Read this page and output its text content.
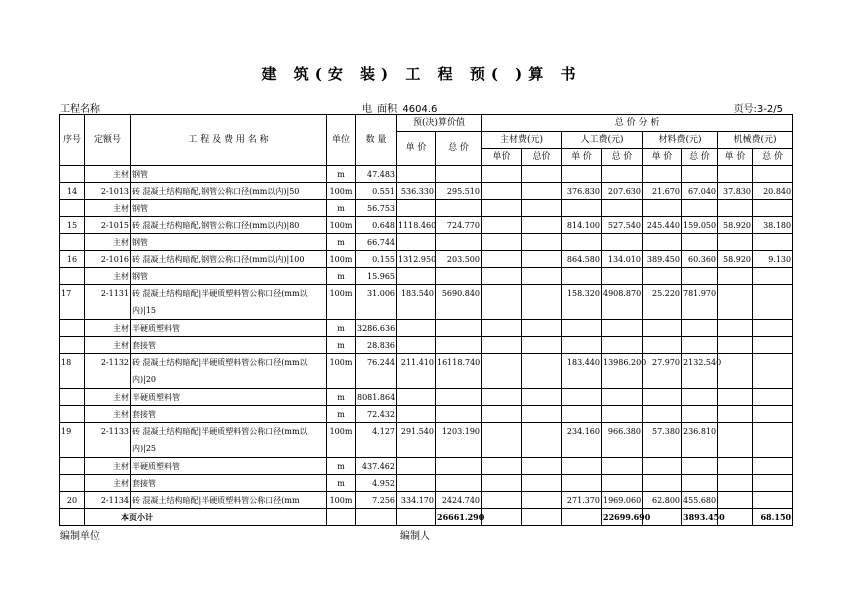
建 筑(安 装) 工 程 预( )算 书
工程名称	电 面积 4604.6	页号:3-2/5
序号	定额号	工 程 及 费 用 名 称	单位	数 量	预(决)算价值		总 价 分 析							
					单 价	总 价	主材费(元)		人工费(元)		材料费(元)		机械费(元)	
							单价	总价	单 价	总 价	单 价	总 价	单 价	总 价
	主材	钢管	m	47.483										
14	2-1013	砖 混凝土结构暗配,钢管公称口径(mm以内)|50	100m	0.551	536.330	295.510			376.830	207.630	21.670	67.040	37.830	20.840
	主材	钢管	m	56.753										
15	2-1015	砖 混凝土结构暗配,钢管公称口径(mm以内)|80	100m	0.648	1118.460	724.770			814.100	527.540	245.440	159.050	58.920	38.180
	主材	钢管	m	66.744										
16	2-1016	砖 混凝土结构暗配,钢管公称口径(mm以内)|100	100m	0.155	1312.950	203.500			864.580	134.010	389.450	60.360	58.920	9.130
	主材	钢管	m	15.965										
17	2-1131	砖 混凝土结构暗配|半硬质塑料管公称口径(mm以内)|15	100m	31.006	183.540	5690.840			158.320	4908.870	25.220	781.970		
	主材	半硬质塑料管	m	3286.636										
	主材	套接管	m	28.836										
18	2-1132	砖 混凝土结构暗配|半硬质塑料管公称口径(mm以内)|20	100m	76.244	211.410	16118.740			183.440	13986.200	27.970	2132.540		
	主材	半硬质塑料管	m	8081.864										
	主材	套接管	m	72.432										
19	2-1133	砖 混凝土结构暗配|半硬质塑料管公称口径(mm以内)|25	100m	4.127	291.540	1203.190			234.160	966.380	57.380	236.810		
	主材	半硬质塑料管	m	437.462										
	主材	套接管	m	4.952										
20	2-1134	砖 混凝土结构暗配|半硬质塑料管公称口径(mm	100m	7.256	334.170	2424.740			271.370	1969.060	62.800	455.680		
	本页小计					26661.290				22699.690		3893.450		68.150
编制单位	编制人
